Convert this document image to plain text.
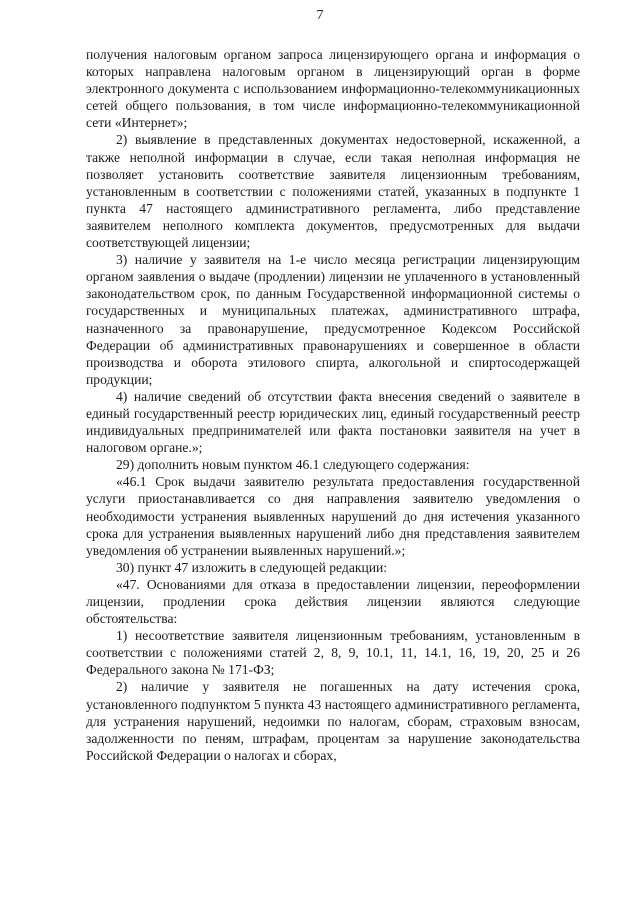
7

получения налоговым органом запроса лицензирующего органа и информация о которых направлена налоговым органом в лицензирующий орган в форме электронного документа с использованием информационно-телекоммуникационных сетей общего пользования, в том числе информационно-телекоммуникационной сети «Интернет»;

2) выявление в представленных документах недостоверной, искаженной, а также неполной информации в случае, если такая неполная информация не позволяет установить соответствие заявителя лицензионным требованиям, установленным в соответствии с положениями статей, указанных в подпункте 1 пункта 47 настоящего административного регламента, либо представление заявителем неполного комплекта документов, предусмотренных для выдачи соответствующей лицензии;

3) наличие у заявителя на 1-е число месяца регистрации лицензирующим органом заявления о выдаче (продлении) лицензии не уплаченного в установленный законодательством срок, по данным Государственной информационной системы о государственных и муниципальных платежах, административного штрафа, назначенного за правонарушение, предусмотренное Кодексом Российской Федерации об административных правонарушениях и совершенное в области производства и оборота этилового спирта, алкогольной и спиртосодержащей продукции;

4) наличие сведений об отсутствии факта внесения сведений о заявителе в единый государственный реестр юридических лиц, единый государственный реестр индивидуальных предпринимателей или факта постановки заявителя на учет в налоговом органе.»;

29) дополнить новым пунктом 46.1 следующего содержания:

«46.1 Срок выдачи заявителю результата предоставления государственной услуги приостанавливается со дня направления заявителю уведомления о необходимости устранения выявленных нарушений до дня истечения указанного срока для устранения выявленных нарушений либо дня представления заявителем уведомления об устранении выявленных нарушений.»;

30) пункт 47 изложить в следующей редакции:

«47. Основаниями для отказа в предоставлении лицензии, переоформлении лицензии, продлении срока действия лицензии являются следующие обстоятельства:

1) несоответствие заявителя лицензионным требованиям, установленным в соответствии с положениями статей 2, 8, 9, 10.1, 11, 14.1, 16, 19, 20, 25 и 26 Федерального закона № 171-ФЗ;

2) наличие у заявителя не погашенных на дату истечения срока, установленного подпунктом 5 пункта 43 настоящего административного регламента, для устранения нарушений, недоимки по налогам, сборам, страховым взносам, задолженности по пеням, штрафам, процентам за нарушение законодательства Российской Федерации о налогах и сборах,
